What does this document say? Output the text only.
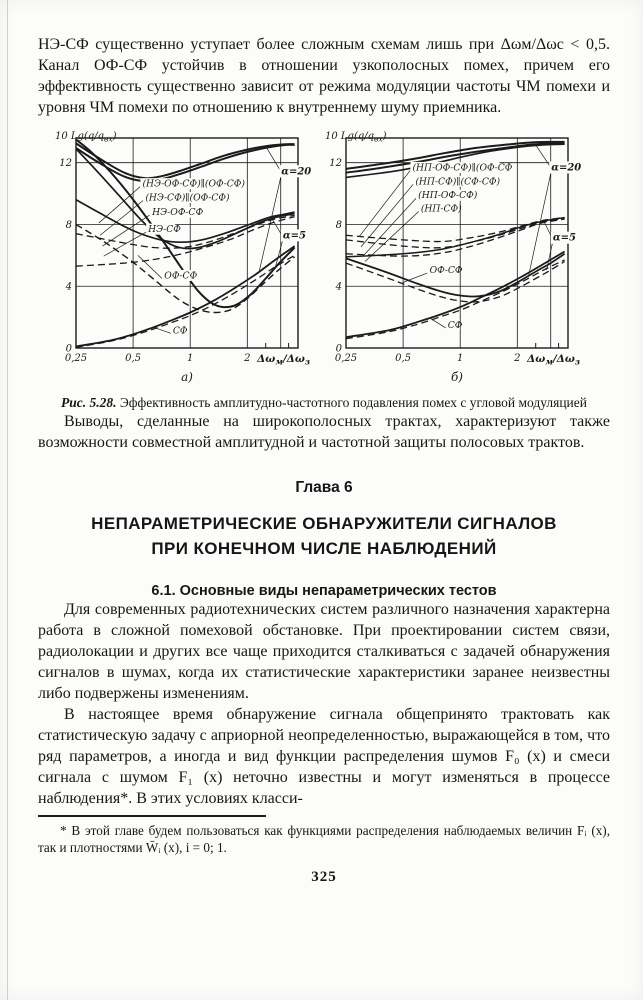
НЭ-СФ существенно уступает более сложным схемам лишь при Δωм/Δωс < 0,5. Канал ОФ-СФ устойчив в отношении узкополосных помех, причем его эффективность существенно зависит от режима модуляции частоты ЧМ помехи и уровня ЧМ помехи по отношению к внутреннему шуму приемника.

(НЭ-ОФ-СФ)∥(ОФ-СФ)
(НЭ-СФ)∥(ОФ-СФ)
НЭ-ОФ-СФ
НЭ-СФ
ОФ-СФ
СФ
α=20
α=5
0
4
8
12
0,25	0,5	1	2
10 $Lg(q/q_{вх})$
$\Delta\omega_м/\Delta\omega_з$
а)
(НП-ОФ-СФ)∥(ОФ-СФ
(НП-СФ)∥(СФ-СФ)
(НП-ОФ-СФ)
(НП-СФ)
ОФ-СФ
СФ
α=20
α=5
0
4
8
12
0,25	0,5	1	2
10 $Lg(q/q_{вх})$
$\Delta\omega_м/\Delta\omega_з$
б)
Рис. 5.28. Эффективность амплитудно-частотного подавления помех с угловой модуляцией

Выводы, сделанные на широкополосных трактах, характеризуют также возможности совместной амплитудной и частотной защиты полосовых трактов.

Глава 6
НЕПАРАМЕТРИЧЕСКИЕ ОБНАРУЖИТЕЛИ СИГНАЛОВ
ПРИ КОНЕЧНОМ ЧИСЛЕ НАБЛЮДЕНИЙ
6.1. Основные виды непараметрических тестов

Для современных радиотехнических систем различного назначения характерна работа в сложной помеховой обстановке. При проектировании систем связи, радиолокации и других все чаще приходится сталкиваться с задачей обнаружения сигналов в шумах, когда их статистические характеристики заранее неизвестны либо подвержены изменениям.

В настоящее время обнаружение сигнала общепринято трактовать как статистическую задачу с априорной неопределенностью, выражающейся в том, что ряд параметров, а иногда и вид функции распределения шумов F₀ (x) и смеси сигнала с шумом F₁ (x) неточно известны и могут изменяться в процессе наблюдения*. В этих условиях класси-

* В этой главе будем пользоваться как функциями распределения наблюдаемых величин Fᵢ (x), так и плотностями W̄ᵢ (x), i = 0; 1.

325
